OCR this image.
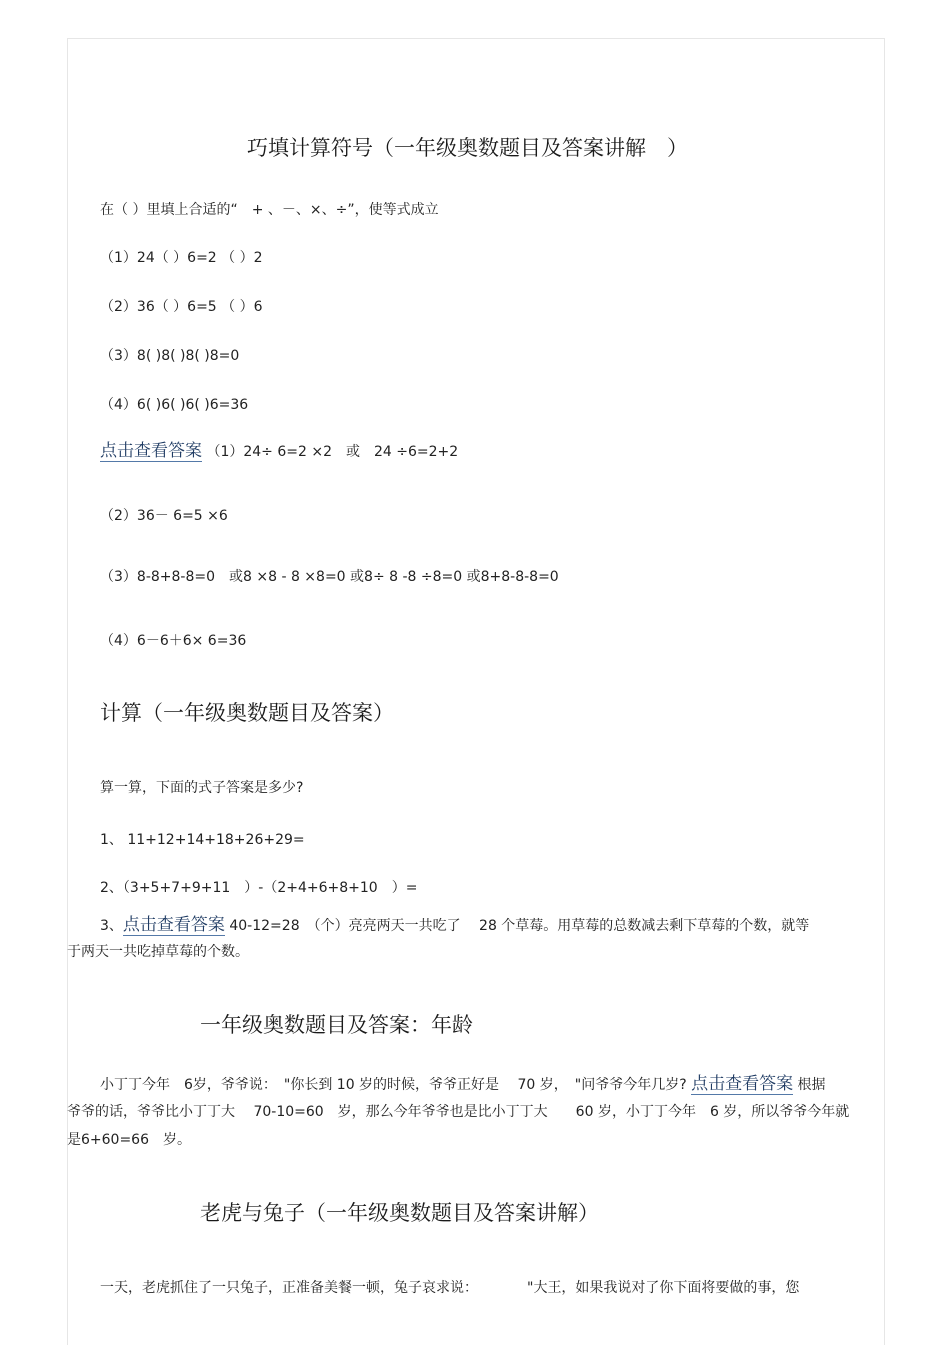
巧填计算符号（一年级奥数题目及答案讲解　）
在（ ）里填上合适的“　+ 、－、×、÷”，使等式成立
（1）24（ ）6=2 （ ）2
（2）36（ ）6=5 （ ）6
（3）8( )8( )8( )8=0
（4）6( )6( )6( )6=36
点击查看答案 （1）24÷ 6=2 ×2　或　24 ÷6=2+2
（2）36－ 6=5 ×6
（3）8-8+8-8=0　或8 ×8 - 8 ×8=0 或8÷ 8 -8 ÷8=0 或8+8-8-8=0
（4）6－6＋6× 6=36
计算（一年级奥数题目及答案）
算一算，下面的式子答案是多少?
1、 11+12+14+18+26+29=
2、（3+5+7+9+11　）-（2+4+6+8+10　）=
3、点击查看答案 40-12=28　（个）亮亮两天一共吃了　 28 个草莓。用草莓的总数减去剩下草莓的个数，就等
于两天一共吃掉草莓的个数。
一年级奥数题目及答案：年龄
小丁丁今年　6岁，爷爷说：　"你长到 10 岁的时候，爷爷正好是　 70 岁，　"问爷爷今年几岁? 点击查看答案 根据
爷爷的话，爷爷比小丁丁大　 70-10=60　岁，那么今年爷爷也是比小丁丁大　　60 岁，小丁丁今年　6 岁，所以爷爷今年就
是6+60=66　岁。
老虎与兔子（一年级奥数题目及答案讲解）
一天，老虎抓住了一只兔子，正准备美餐一顿，兔子哀求说：　　　　"大王，如果我说对了你下面将要做的事，您
